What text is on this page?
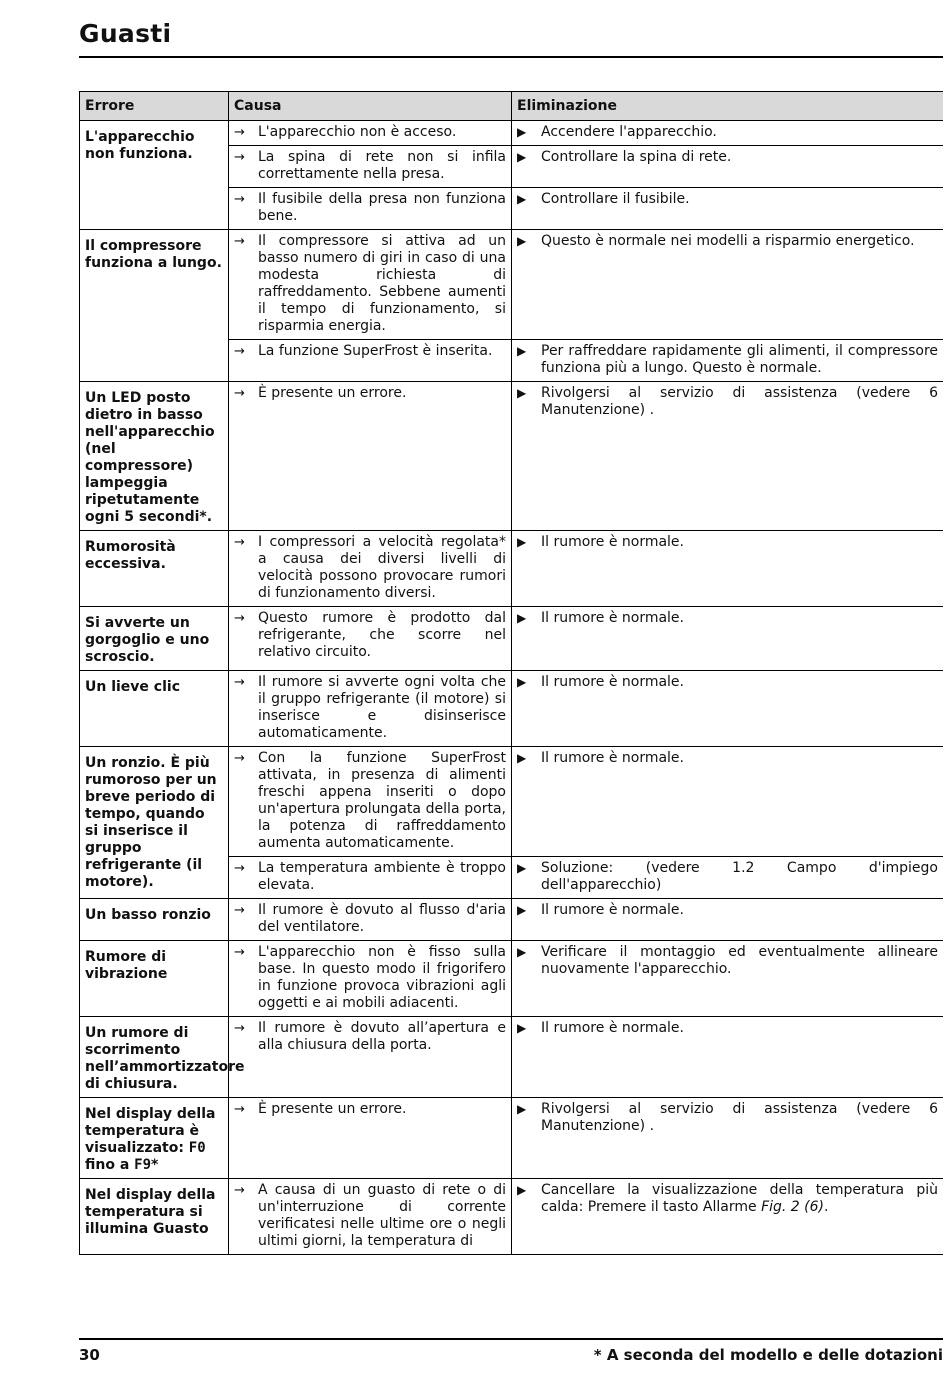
Guasti
Errore	Causa	Eliminazione
L'apparecchio non funziona.	→ L'apparecchio non è acceso.	▶ Accendere l'apparecchio.

	→ La spina di rete non si infila correttamente nella presa.	▶ Controllare la spina di rete.

	→ Il fusibile della presa non funziona bene.	▶ Controllare il fusibile.

Il compressore funziona a lungo.	→ Il compressore si attiva ad un basso numero di giri in caso di una modesta richiesta di raffreddamento. Sebbene aumenti il tempo di funzionamento, si risparmia energia.	▶ Questo è normale nei modelli a risparmio energetico.

	→ La funzione SuperFrost è inserita.	▶ Per raffreddare rapidamente gli alimenti, il compressore funziona più a lungo. Questo è normale.

Un LED posto dietro in basso nell'apparecchio (nel compressore) lampeggia ripetutamente ogni 5 secondi*.	→ È presente un errore.	▶ Rivolgersi al servizio di assistenza (vedere 6 Manutenzione) .

Rumorosità eccessiva.	→ I compressori a velocità regolata* a causa dei diversi livelli di velocità possono provocare rumori di funzionamento diversi.	▶ Il rumore è normale.

Si avverte un gorgoglio e uno scroscio.	→ Questo rumore è prodotto dal refrigerante, che scorre nel relativo circuito.	▶ Il rumore è normale.

Un lieve clic	→ Il rumore si avverte ogni volta che il gruppo refrigerante (il motore) si inserisce e disinserisce automaticamente.	▶ Il rumore è normale.

Un ronzio. È più rumoroso per un breve periodo di tempo, quando si inserisce il gruppo refrigerante (il motore).	→ Con la funzione SuperFrost attivata, in presenza di alimenti freschi appena inseriti o dopo un'apertura prolungata della porta, la potenza di raffreddamento aumenta automaticamente.	▶ Il rumore è normale.

	→ La temperatura ambiente è troppo elevata.	▶ Soluzione: (vedere 1.2 Campo d'impiego dell'apparecchio)

Un basso ronzio	→ Il rumore è dovuto al flusso d'aria del ventilatore.	▶ Il rumore è normale.

Rumore di vibrazione	→ L'apparecchio non è fisso sulla base. In questo modo il frigorifero in funzione provoca vibrazioni agli oggetti e ai mobili adiacenti.	▶ Verificare il montaggio ed eventualmente allineare nuovamente l'apparecchio.

Un rumore di scorrimento nell’ammortizzatore di chiusura.	→ Il rumore è dovuto all’apertura e alla chiusura della porta.	▶ Il rumore è normale.

Nel display della temperatura è visualizzato: F0 fino a F9*	→ È presente un errore.	▶ Rivolgersi al servizio di assistenza (vedere 6 Manutenzione) .

Nel display della temperatura si illumina Guasto	→ A causa di un guasto di rete o di un'interruzione di corrente verificatesi nelle ultime ore o negli ultimi giorni, la temperatura di	▶ Cancellare la visualizzazione della temperatura più calda: Premere il tasto Allarme Fig. 2 (6).
30	* A seconda del modello e delle dotazioni
